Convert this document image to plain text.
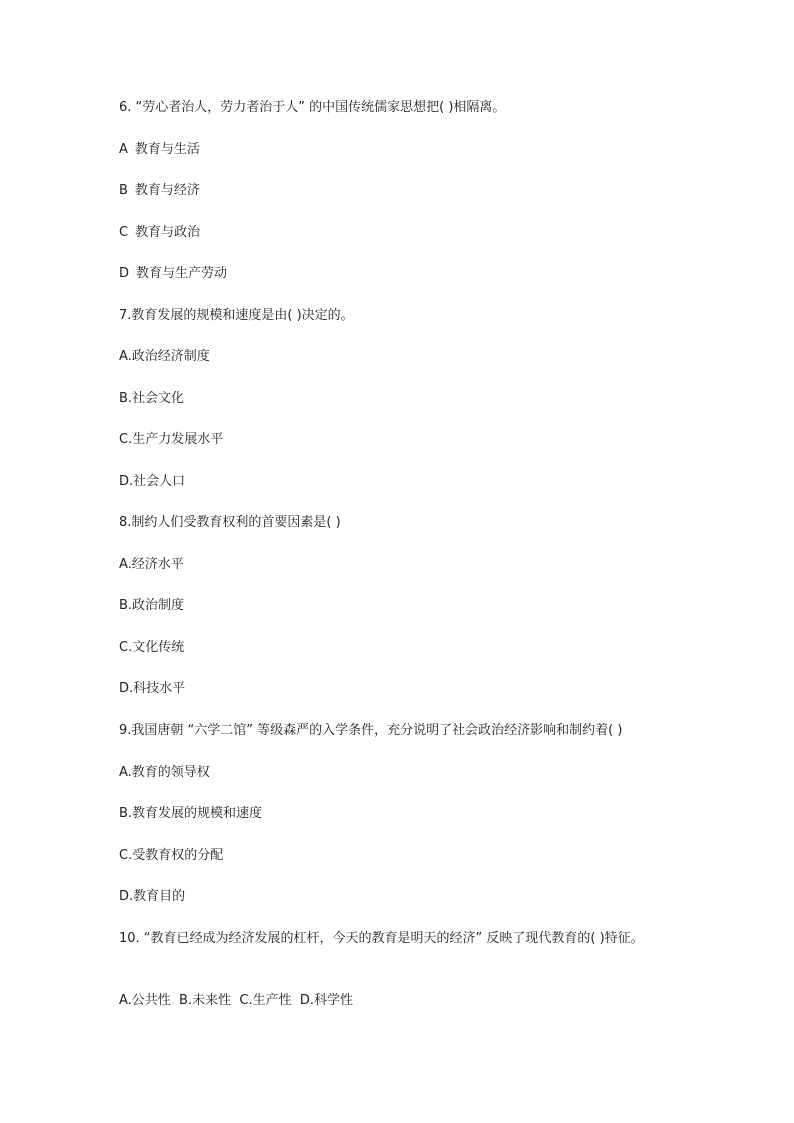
6. “劳心者治人，劳力者治于人” 的中国传统儒家思想把( )相隔离。
A 教育与生活
B 教育与经济
C 教育与政治
D 教育与生产劳动
7.教育发展的规模和速度是由( )决定的。
A.政治经济制度
B.社会文化
C.生产力发展水平
D.社会人口
8.制约人们受教育权利的首要因素是( )
A.经济水平
B.政治制度
C.文化传统
D.科技水平
9.我国唐朝 “六学二馆” 等级森严的入学条件，充分说明了社会政治经济影响和制约着( )
A.教育的领导权
B.教育发展的规模和速度
C.受教育权的分配
D.教育目的
10. “教育已经成为经济发展的杠杆，今天的教育是明天的经济” 反映了现代教育的( )特征。
A.公共性  B.未来性  C.生产性  D.科学性
